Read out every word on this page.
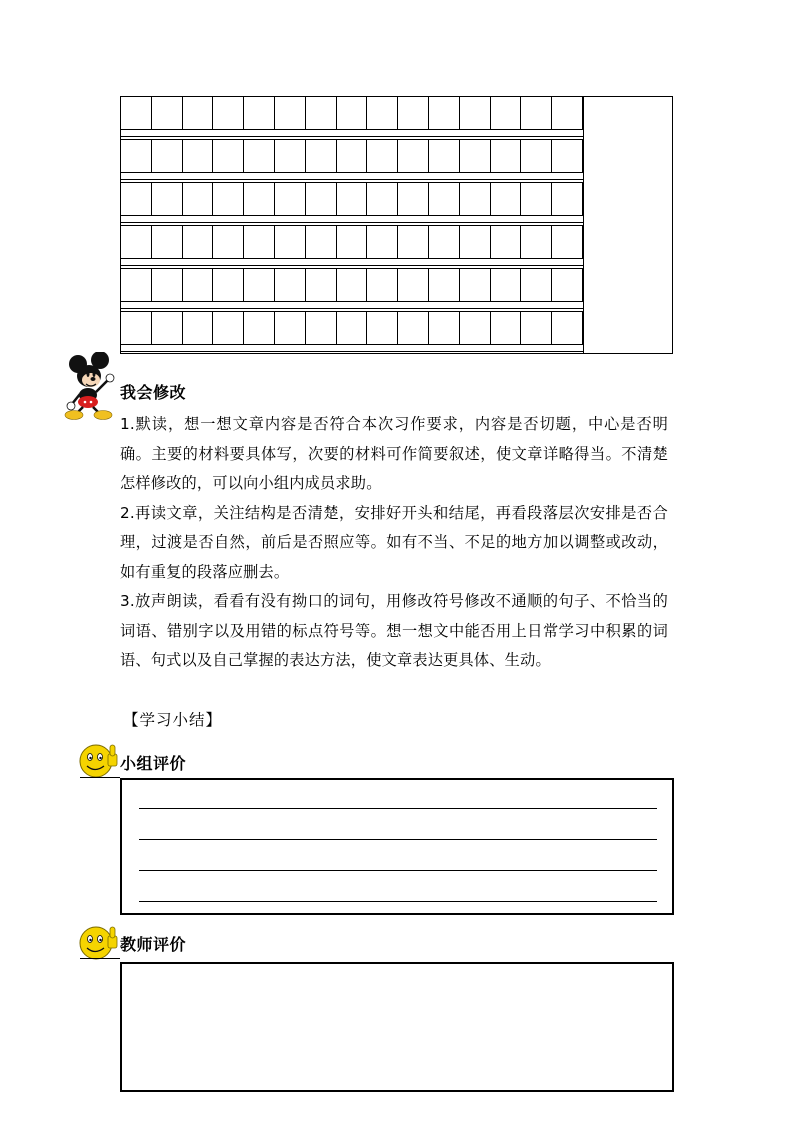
我会修改

1.默读，想一想文章内容是否符合本次习作要求，内容是否切题，中心是否明确。主要的材料要具体写，次要的材料可作简要叙述，使文章详略得当。不清楚怎样修改的，可以向小组内成员求助。

2.再读文章，关注结构是否清楚，安排好开头和结尾，再看段落层次安排是否合理，过渡是否自然，前后是否照应等。如有不当、不足的地方加以调整或改动，如有重复的段落应删去。

3.放声朗读，看看有没有拗口的词句，用修改符号修改不通顺的句子、不恰当的词语、错别字以及用错的标点符号等。想一想文中能否用上日常学习中积累的词语、句式以及自己掌握的表达方法，使文章表达更具体、生动。

【学习小结】
小组评价
教师评价
